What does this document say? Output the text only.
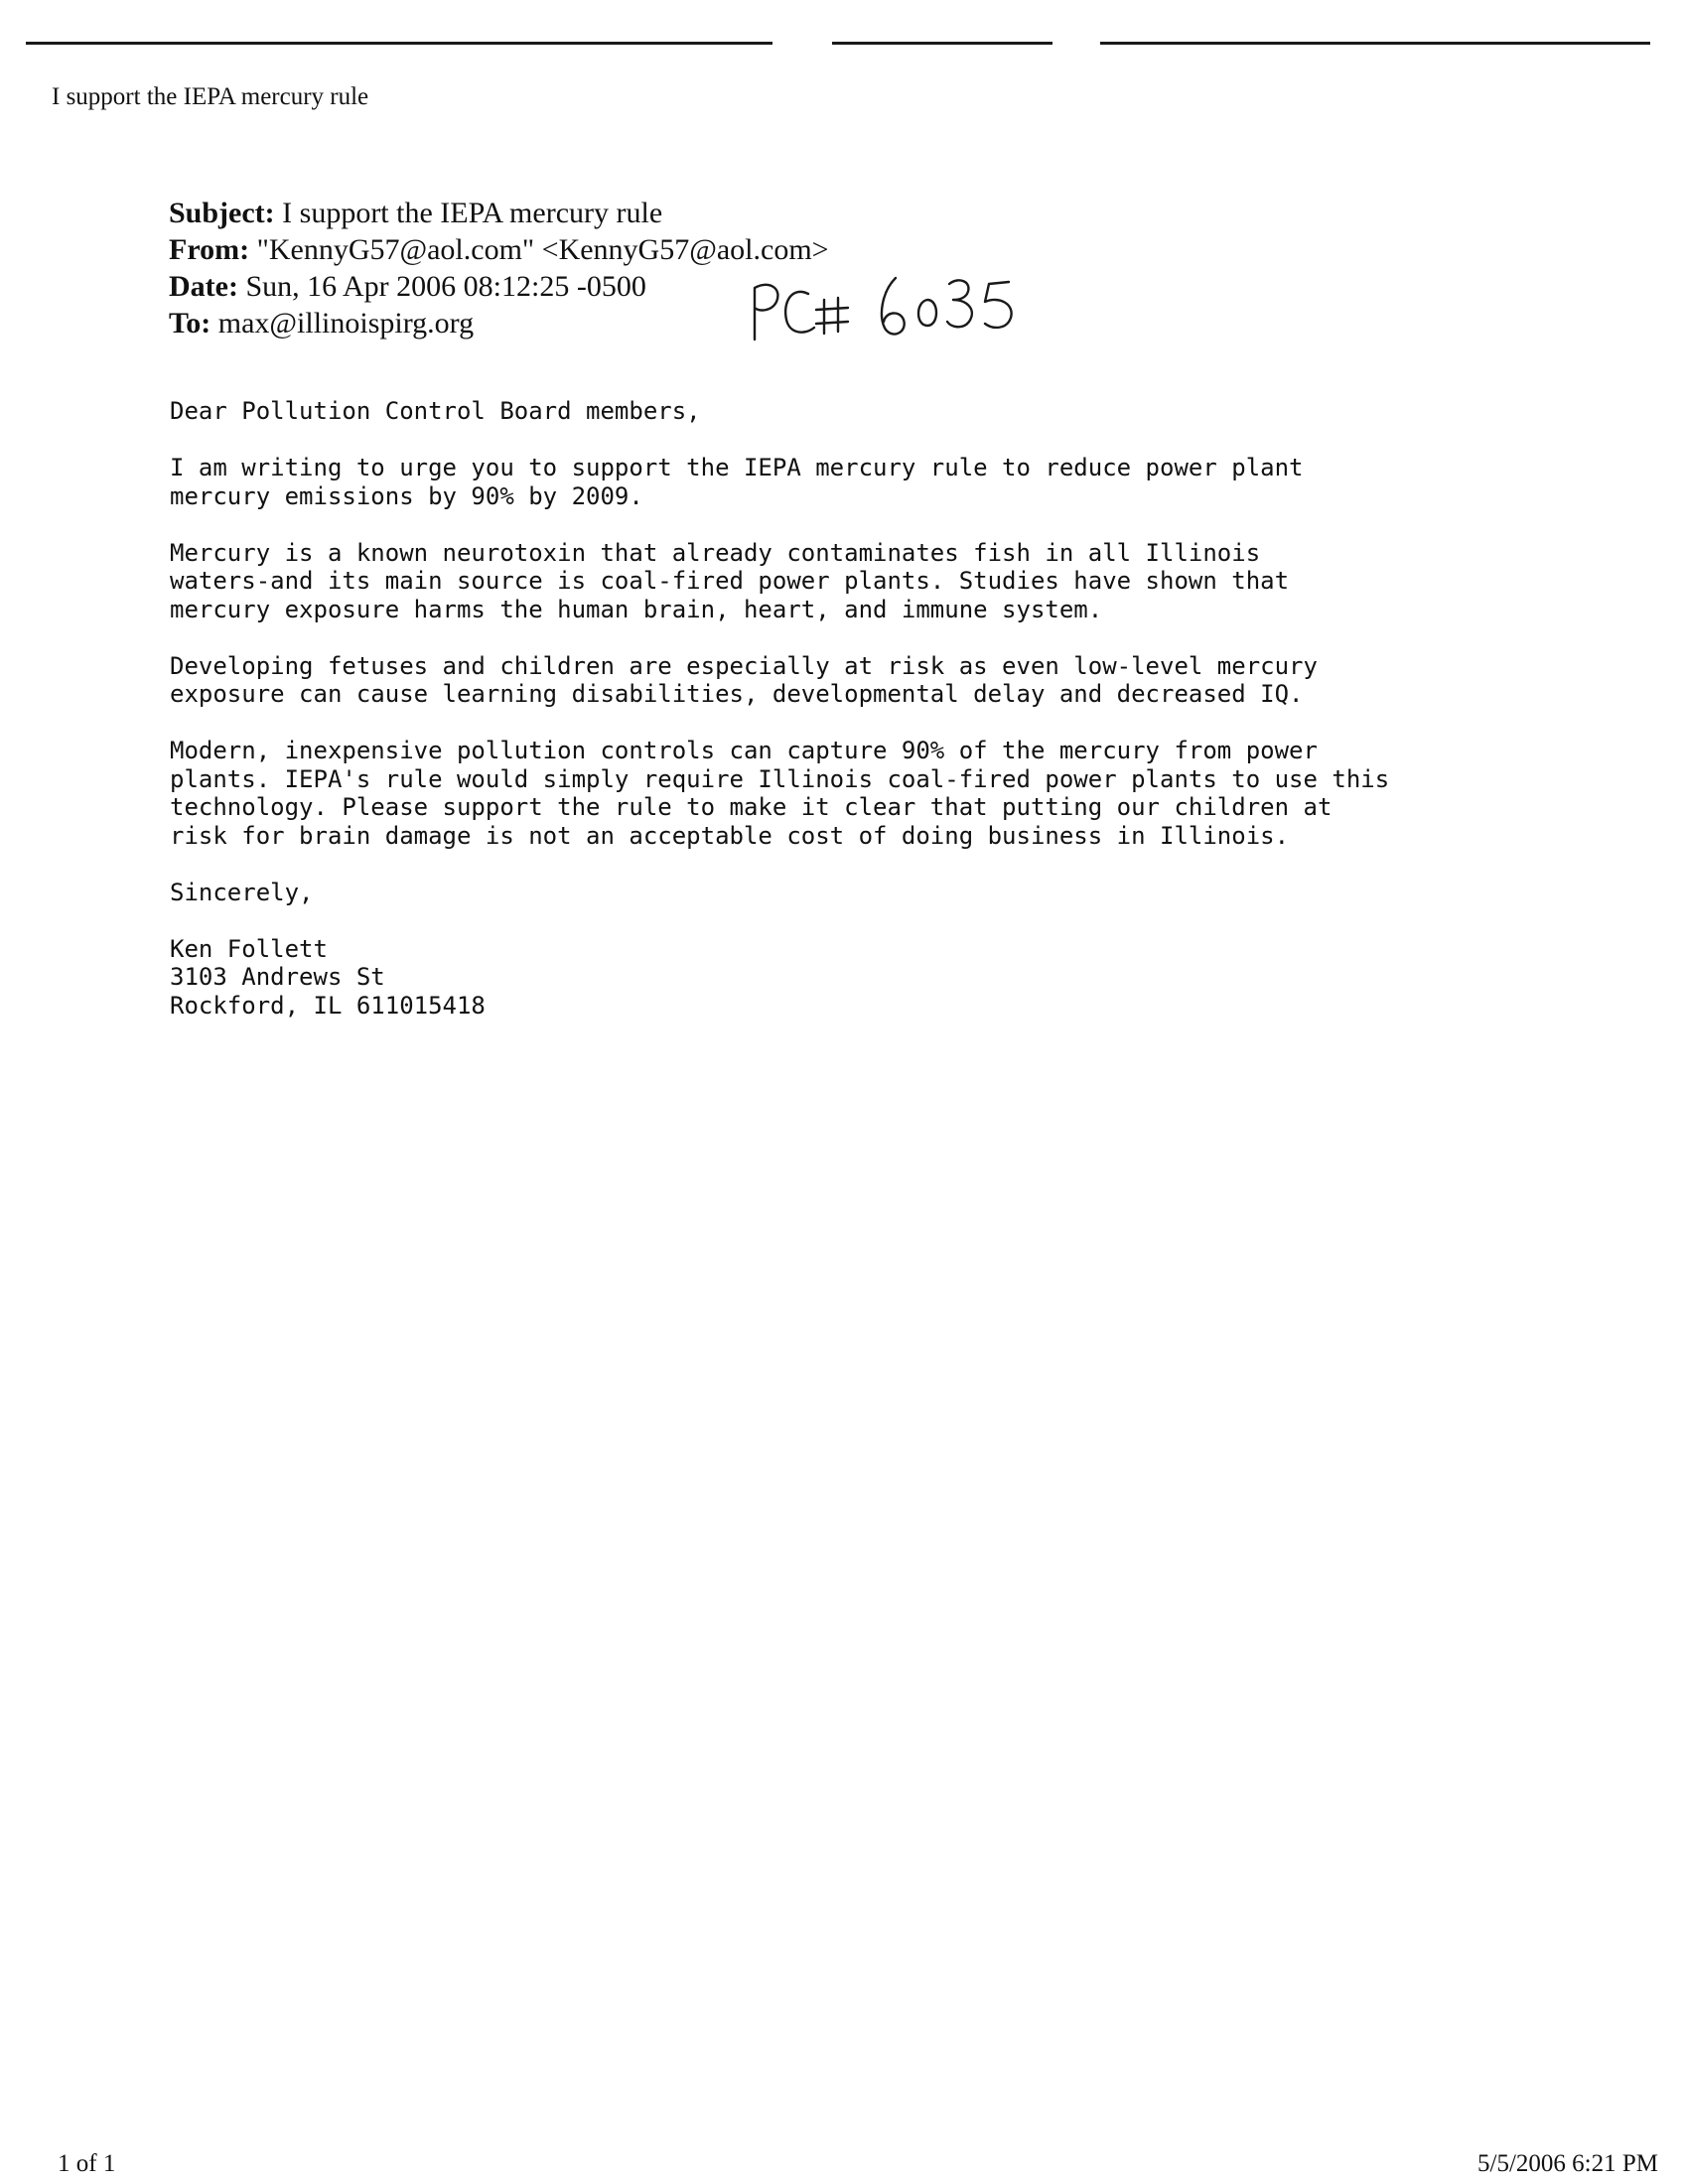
I support the IEPA mercury rule
Subject: I support the IEPA mercury rule
From: "KennyG57@aol.com" <KennyG57@aol.com>
Date: Sun, 16 Apr 2006 08:12:25 -0500
To: max@illinoispirg.org

Dear Pollution Control Board members,

I am writing to urge you to support the IEPA mercury rule to reduce power plant
mercury emissions by 90% by 2009.

Mercury is a known neurotoxin that already contaminates fish in all Illinois
waters-and its main source is coal-fired power plants. Studies have shown that
mercury exposure harms the human brain, heart, and immune system.

Developing fetuses and children are especially at risk as even low-level mercury
exposure can cause learning disabilities, developmental delay and decreased IQ.

Modern, inexpensive pollution controls can capture 90% of the mercury from power
plants. IEPA's rule would simply require Illinois coal-fired power plants to use this
technology. Please support the rule to make it clear that putting our children at
risk for brain damage is not an acceptable cost of doing business in Illinois.

Sincerely,

Ken Follett
3103 Andrews St
Rockford, IL 611015418
1 of 1	5/5/2006 6:21 PM
